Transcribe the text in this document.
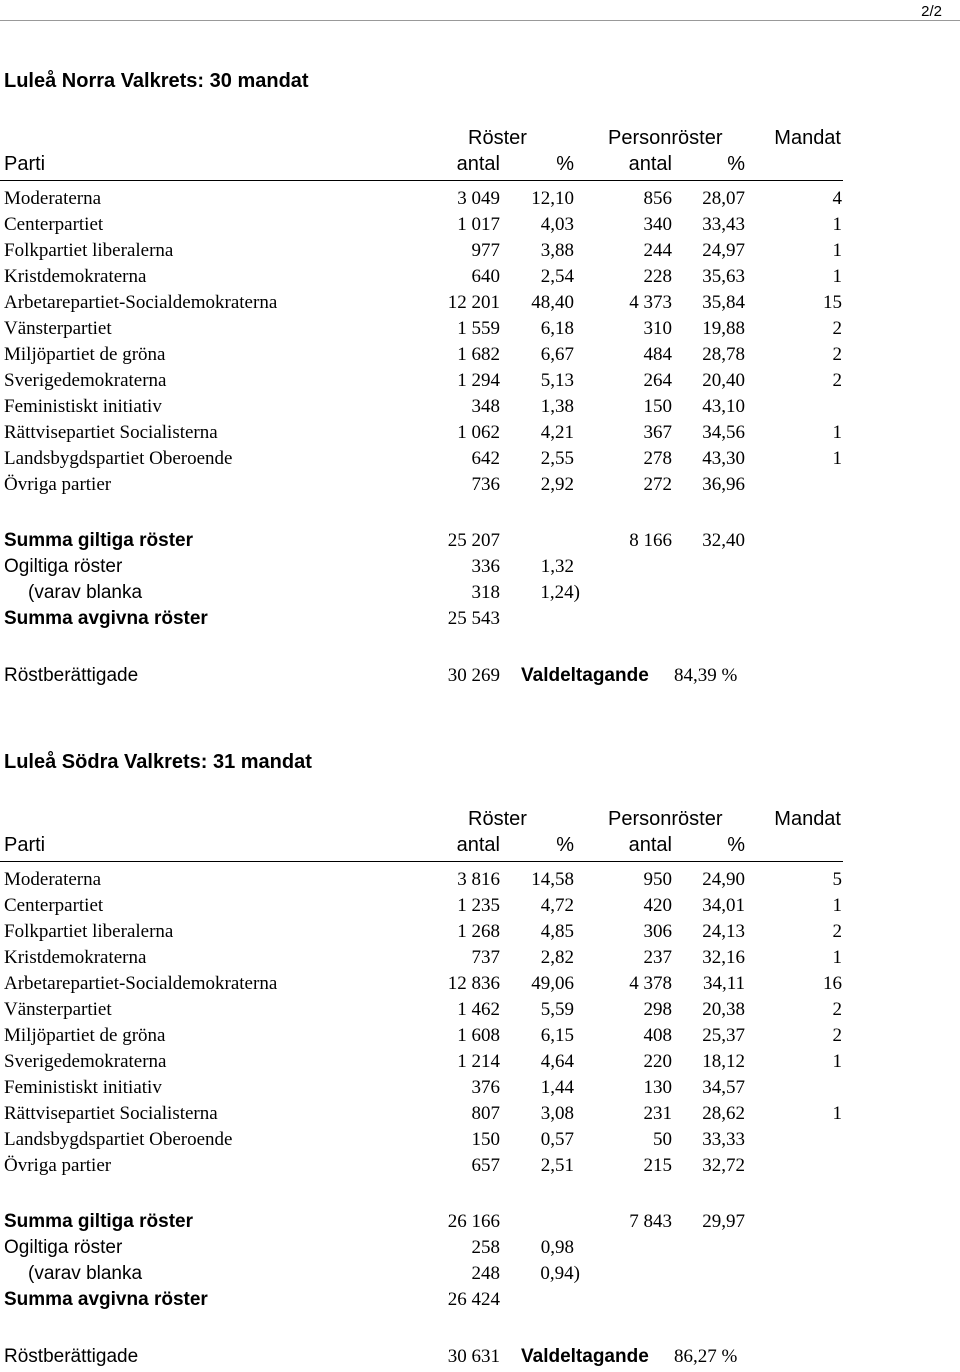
2/2
Luleå Norra Valkrets: 30 mandat
Röster	Personröster	Mandat
Parti	antal	%	antal	%
Moderaterna	3 049 12,10	856 28,07	4
Centerpartiet	1 017 4,03	340 33,43	1
Folkpartiet liberalerna	977 3,88	244 24,97	1
Kristdemokraterna	640 2,54	228 35,63	1
Arbetarepartiet-Socialdemokraterna	12 201 48,40	4 373 35,84	15
Vänsterpartiet	1 559 6,18	310 19,88	2
Miljöpartiet de gröna	1 682 6,67	484 28,78	2
Sverigedemokraterna	1 294 5,13	264 20,40	2
Feministiskt initiativ	348 1,38	150 43,10
Rättvisepartiet Socialisterna	1 062 4,21	367 34,56	1
Landsbygdspartiet Oberoende	642 2,55	278 43,30	1
Övriga partier	736 2,92	272 36,96
Summa giltiga röster	25 207	8 166 32,40
Ogiltiga röster	336 1,32
(varav blanka	318 1,24)
Summa avgivna röster	25 543
Röstberättigade	30 269 Valdeltagande 84,39 %
Luleå Södra Valkrets: 31 mandat
Röster	Personröster	Mandat
Parti	antal	%	antal	%
Moderaterna	3 816 14,58	950 24,90	5
Centerpartiet	1 235 4,72	420 34,01	1
Folkpartiet liberalerna	1 268 4,85	306 24,13	2
Kristdemokraterna	737 2,82	237 32,16	1
Arbetarepartiet-Socialdemokraterna	12 836 49,06	4 378 34,11	16
Vänsterpartiet	1 462 5,59	298 20,38	2
Miljöpartiet de gröna	1 608 6,15	408 25,37	2
Sverigedemokraterna	1 214 4,64	220 18,12	1
Feministiskt initiativ	376 1,44	130 34,57
Rättvisepartiet Socialisterna	807 3,08	231 28,62	1
Landsbygdspartiet Oberoende	150 0,57	50 33,33
Övriga partier	657 2,51	215 32,72
Summa giltiga röster	26 166	7 843 29,97
Ogiltiga röster	258 0,98
(varav blanka	248 0,94)
Summa avgivna röster	26 424
Röstberättigade	30 631 Valdeltagande 86,27 %
